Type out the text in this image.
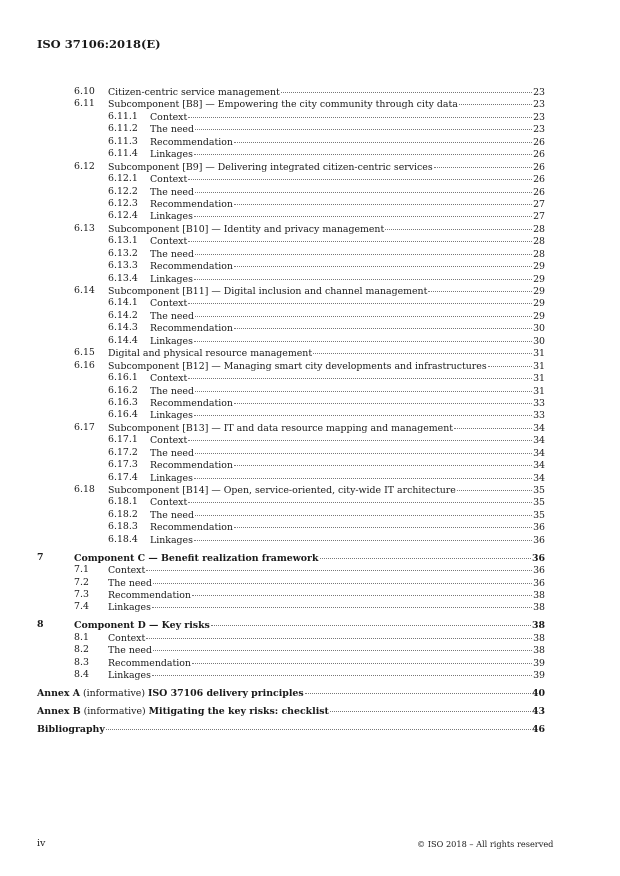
ISO 37106:2018(E)
6.10 Citizen-centric service management	23
6.11 Subcomponent [B8] — Empowering the city community through city data	23
6.11.1 Context	23
6.11.2 The need	23
6.11.3 Recommendation	26
6.11.4 Linkages	26
6.12 Subcomponent [B9] — Delivering integrated citizen-centric services	26
6.12.1 Context	26
6.12.2 The need	26
6.12.3 Recommendation	27
6.12.4 Linkages	27
6.13 Subcomponent [B10] — Identity and privacy management	28
6.13.1 Context	28
6.13.2 The need	28
6.13.3 Recommendation	29
6.13.4 Linkages	29
6.14 Subcomponent [B11] — Digital inclusion and channel management	29
6.14.1 Context	29
6.14.2 The need	29
6.14.3 Recommendation	30
6.14.4 Linkages	30
6.15 Digital and physical resource management	31
6.16 Subcomponent [B12] — Managing smart city developments and infrastructures	31
6.16.1 Context	31
6.16.2 The need	31
6.16.3 Recommendation	33
6.16.4 Linkages	33
6.17 Subcomponent [B13] — IT and data resource mapping and management	34
6.17.1 Context	34
6.17.2 The need	34
6.17.3 Recommendation	34
6.17.4 Linkages	34
6.18 Subcomponent [B14] — Open, service-oriented, city-wide IT architecture	35
6.18.1 Context	35
6.18.2 The need	35
6.18.3 Recommendation	36
6.18.4 Linkages	36
7	Component C — Benefit realization framework	36
7.1 Context	36
7.2 The need	36
7.3 Recommendation	38
7.4 Linkages	38
8	Component D — Key risks	38
8.1 Context	38
8.2 The need	38
8.3 Recommendation	39
8.4 Linkages	39
Annex A (informative) ISO 37106 delivery principles	40
Annex B (informative) Mitigating the key risks: checklist	43
Bibliography	46
iv	© ISO 2018 – All rights reserved
